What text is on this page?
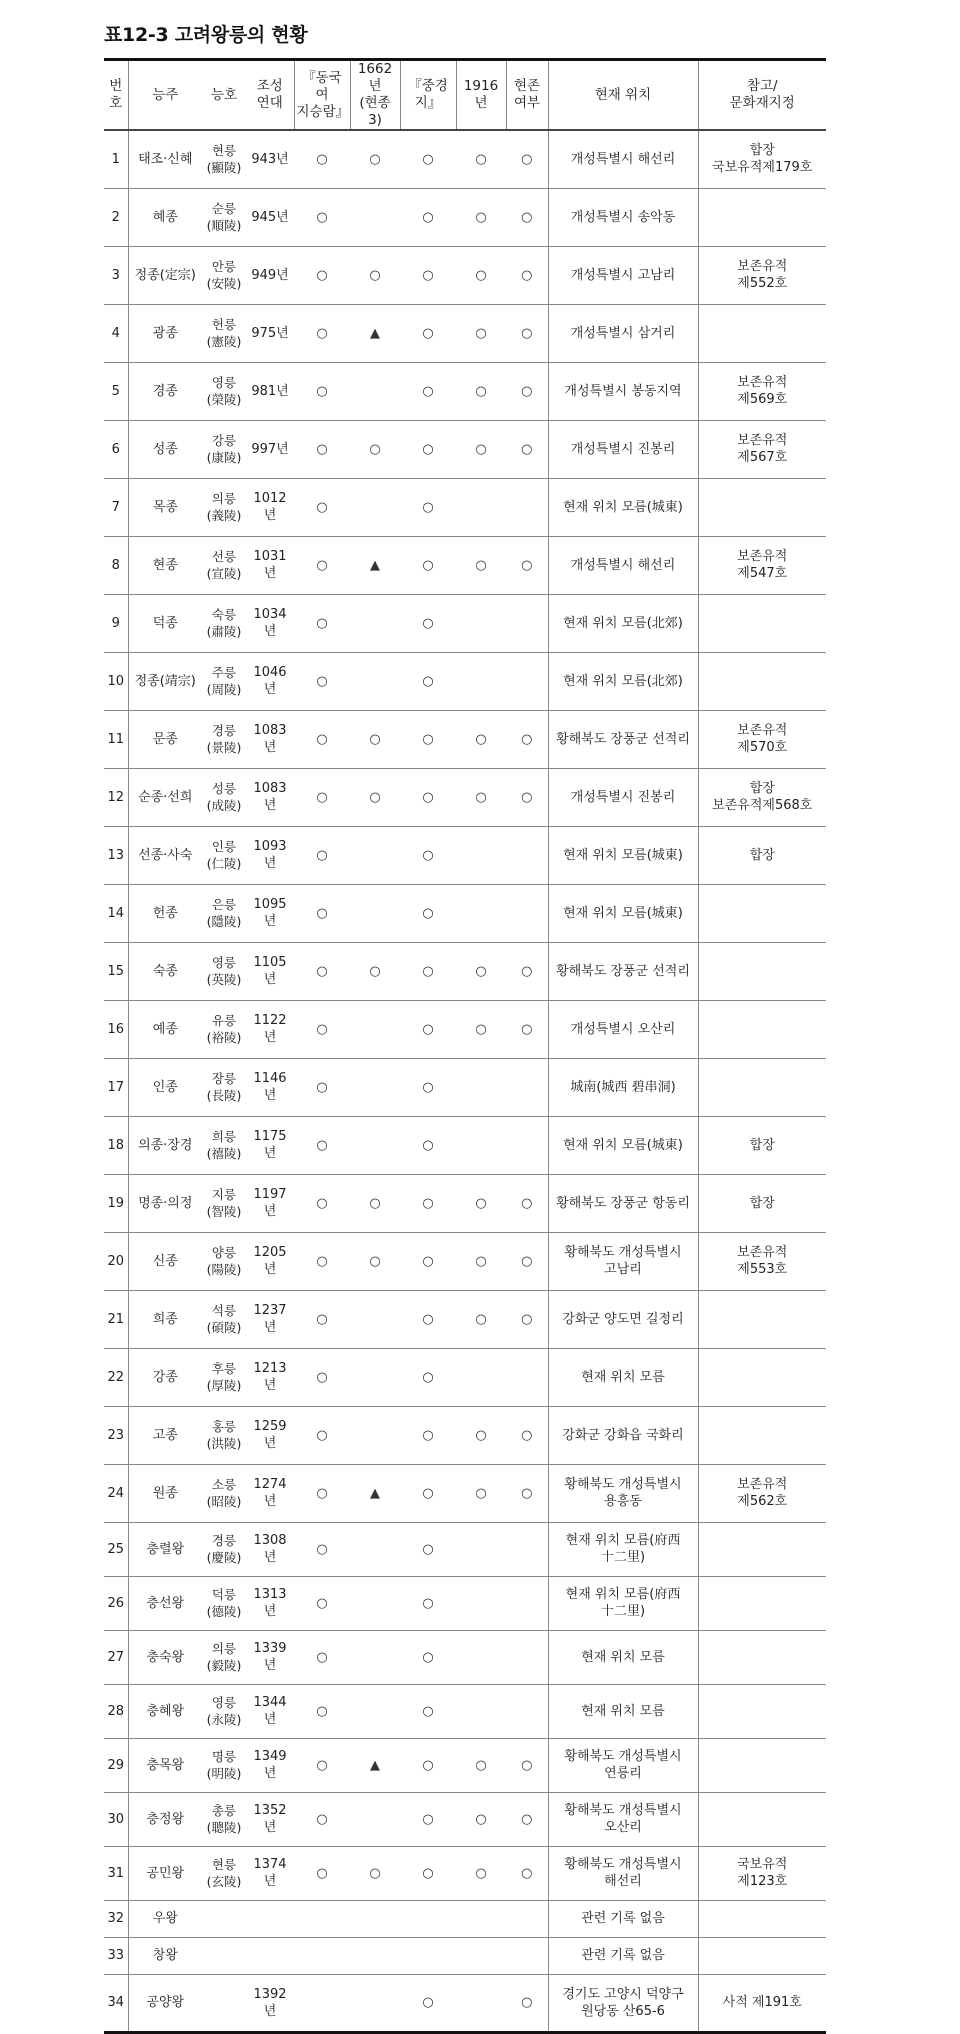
표12-3 고려왕릉의 현황
번
호	능주	능호	조성
연대	『동국여
지승람』	1662년
(현종 3)	『중경지』	1916년	현존
여부	현재 위치	참고/
문화재지정

1	태조·신혜	현릉
(顯陵)	943년	○	○	○	○	○	개성특별시 해선리	합장
국보유적제179호

2	혜종	순릉
(順陵)	945년	○		○	○	○	개성특별시 송악동	

3	정종(定宗)	안릉
(安陵)	949년	○	○	○	○	○	개성특별시 고남리	보존유적
제552호

4	광종	헌릉
(憲陵)	975년	○	▲	○	○	○	개성특별시 삼거리	

5	경종	영릉
(榮陵)	981년	○		○	○	○	개성특별시 봉동지역	보존유적
제569호

6	성종	강릉
(康陵)	997년	○	○	○	○	○	개성특별시 진봉리	보존유적
제567호

7	목종	의릉
(義陵)	1012년	○		○			현재 위치 모름(城東)	

8	현종	선릉
(宣陵)	1031년	○	▲	○	○	○	개성특별시 해선리	보존유적
제547호

9	덕종	숙릉
(肅陵)	1034년	○		○			현재 위치 모름(北郊)	

10	정종(靖宗)	주릉
(周陵)	1046년	○		○			현재 위치 모름(北郊)	

11	문종	경릉
(景陵)	1083년	○	○	○	○	○	황해북도 장풍군 선적리	보존유적
제570호

12	순종·선희	성릉
(成陵)	1083년	○	○	○	○	○	개성특별시 진봉리	합장
보존유적제568호

13	선종·사숙	인릉
(仁陵)	1093년	○		○			현재 위치 모름(城東)	합장

14	헌종	은릉
(隱陵)	1095년	○		○			현재 위치 모름(城東)	

15	숙종	영릉
(英陵)	1105년	○	○	○	○	○	황해북도 장풍군 선적리	

16	예종	유릉
(裕陵)	1122년	○		○	○	○	개성특별시 오산리	

17	인종	장릉
(長陵)	1146년	○		○			城南(城西 碧串洞)	

18	의종·장경	희릉
(禧陵)	1175년	○		○			현재 위치 모름(城東)	합장

19	명종·의정	지릉
(智陵)	1197년	○	○	○	○	○	황해북도 장풍군 항동리	합장

20	신종	양릉
(陽陵)	1205년	○	○	○	○	○	황해북도 개성특별시
고남리	보존유적
제553호

21	희종	석릉
(碩陵)	1237년	○		○	○	○	강화군 양도면 길정리	

22	강종	후릉
(厚陵)	1213년	○		○			현재 위치 모름	

23	고종	홍릉
(洪陵)	1259년	○		○	○	○	강화군 강화읍 국화리	

24	원종	소릉
(昭陵)	1274년	○	▲	○	○	○	황해북도 개성특별시
용흥동	보존유적
제562호

25	충렬왕	경릉
(慶陵)	1308년	○		○			현재 위치 모름(府西
十二里)	

26	충선왕	덕릉
(德陵)	1313년	○		○			현재 위치 모름(府西
十二里)	

27	충숙왕	의릉
(毅陵)	1339년	○		○			현재 위치 모름	

28	충혜왕	영릉
(永陵)	1344년	○		○			현재 위치 모름	

29	충목왕	명릉
(明陵)	1349년	○	▲	○	○	○	황해북도 개성특별시
연릉리	

30	충정왕	총릉
(聰陵)	1352년	○		○	○	○	황해북도 개성특별시
오산리	

31	공민왕	현릉
(玄陵)	1374년	○	○	○	○	○	황해북도 개성특별시
해선리	국보유적
제123호

32	우왕								관련 기록 없음	

33	창왕								관련 기록 없음	

34	공양왕		1392년			○		○	경기도 고양시 덕양구
원당동 산65-6	사적 제191호
